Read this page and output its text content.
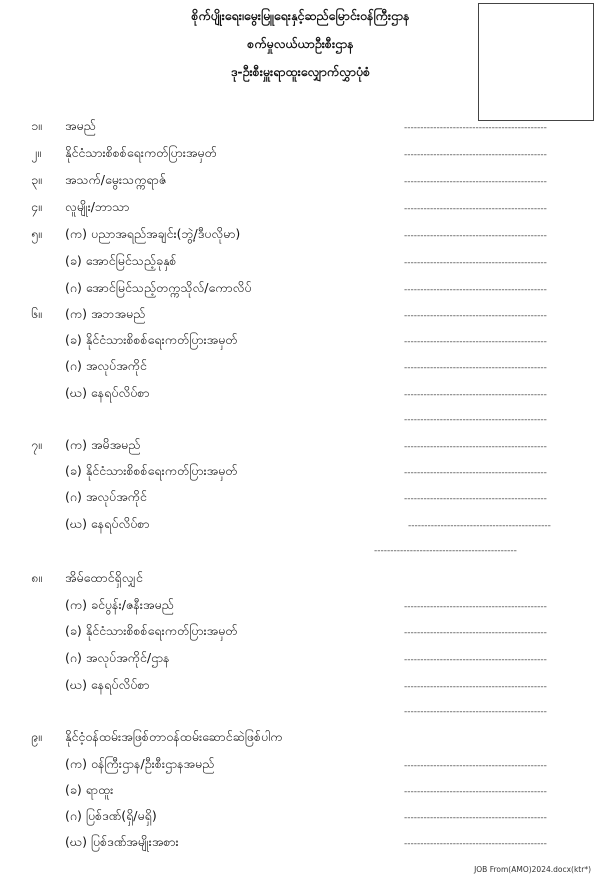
စိုက်ပျိုးရေး၊မွေးမြူရေးနှင့်ဆည်မြောင်းဝန်ကြီးဌာန
စက်မှုလယ်ယာဦးစီးဌာန
ဒု-ဦးစီးမှူးရာထူးလျှောက်လွှာပုံစံ
၁။ အမည်	--------------------------------------------
၂။ နိုင်ငံသားစိစစ်ရေးကတ်ပြားအမှတ်	--------------------------------------------
၃။ အသက်/မွေးသက္ကရာဇ်	--------------------------------------------
၄။ လူမျိုး/ဘာသာ	--------------------------------------------
၅။ (က) ပညာအရည်အချင်း(ဘွဲ့/ဒီပလိုမာ)	--------------------------------------------
(ခ) အောင်မြင်သည့်ခုနှစ်	--------------------------------------------
(ဂ) အောင်မြင်သည့်တက္ကသိုလ်/ကောလိပ်	--------------------------------------------
၆။ (က) အဘအမည်	--------------------------------------------
(ခ) နိုင်ငံသားစိစစ်ရေးကတ်ပြားအမှတ်	--------------------------------------------
(ဂ) အလုပ်အကိုင်	--------------------------------------------
(ဃ) နေရပ်လိပ်စာ	--------------------------------------------
--------------------------------------------
၇။ (က) အမိအမည်	--------------------------------------------
(ခ) နိုင်ငံသားစိစစ်ရေးကတ်ပြားအမှတ်	--------------------------------------------
(ဂ) အလုပ်အကိုင်	--------------------------------------------
(ဃ) နေရပ်လိပ်စာ	--------------------------------------------
--------------------------------------------
၈။ အိမ်ထောင်ရှိလျှင်
(က) ခင်ပွန်း/ဇနီးအမည်	--------------------------------------------
(ခ) နိုင်ငံသားစိစစ်ရေးကတ်ပြားအမှတ်	--------------------------------------------
(ဂ) အလုပ်အကိုင်/ဌာန	--------------------------------------------
(ဃ) နေရပ်လိပ်စာ	--------------------------------------------
--------------------------------------------
၉။ နိုင်ငံ့ဝန်ထမ်းအဖြစ်တာဝန်ထမ်းဆောင်ဆဲဖြစ်ပါက
(က) ဝန်ကြီးဌာန/ဦးစီးဌာနအမည်	--------------------------------------------
(ခ) ရာထူး	--------------------------------------------
(ဂ) ပြစ်ဒဏ်(ရှိ/မရှိ)	--------------------------------------------
(ဃ) ပြစ်ဒဏ်အမျိုးအစား	--------------------------------------------
JOB From(AMO)2024.docx(ktr*)
